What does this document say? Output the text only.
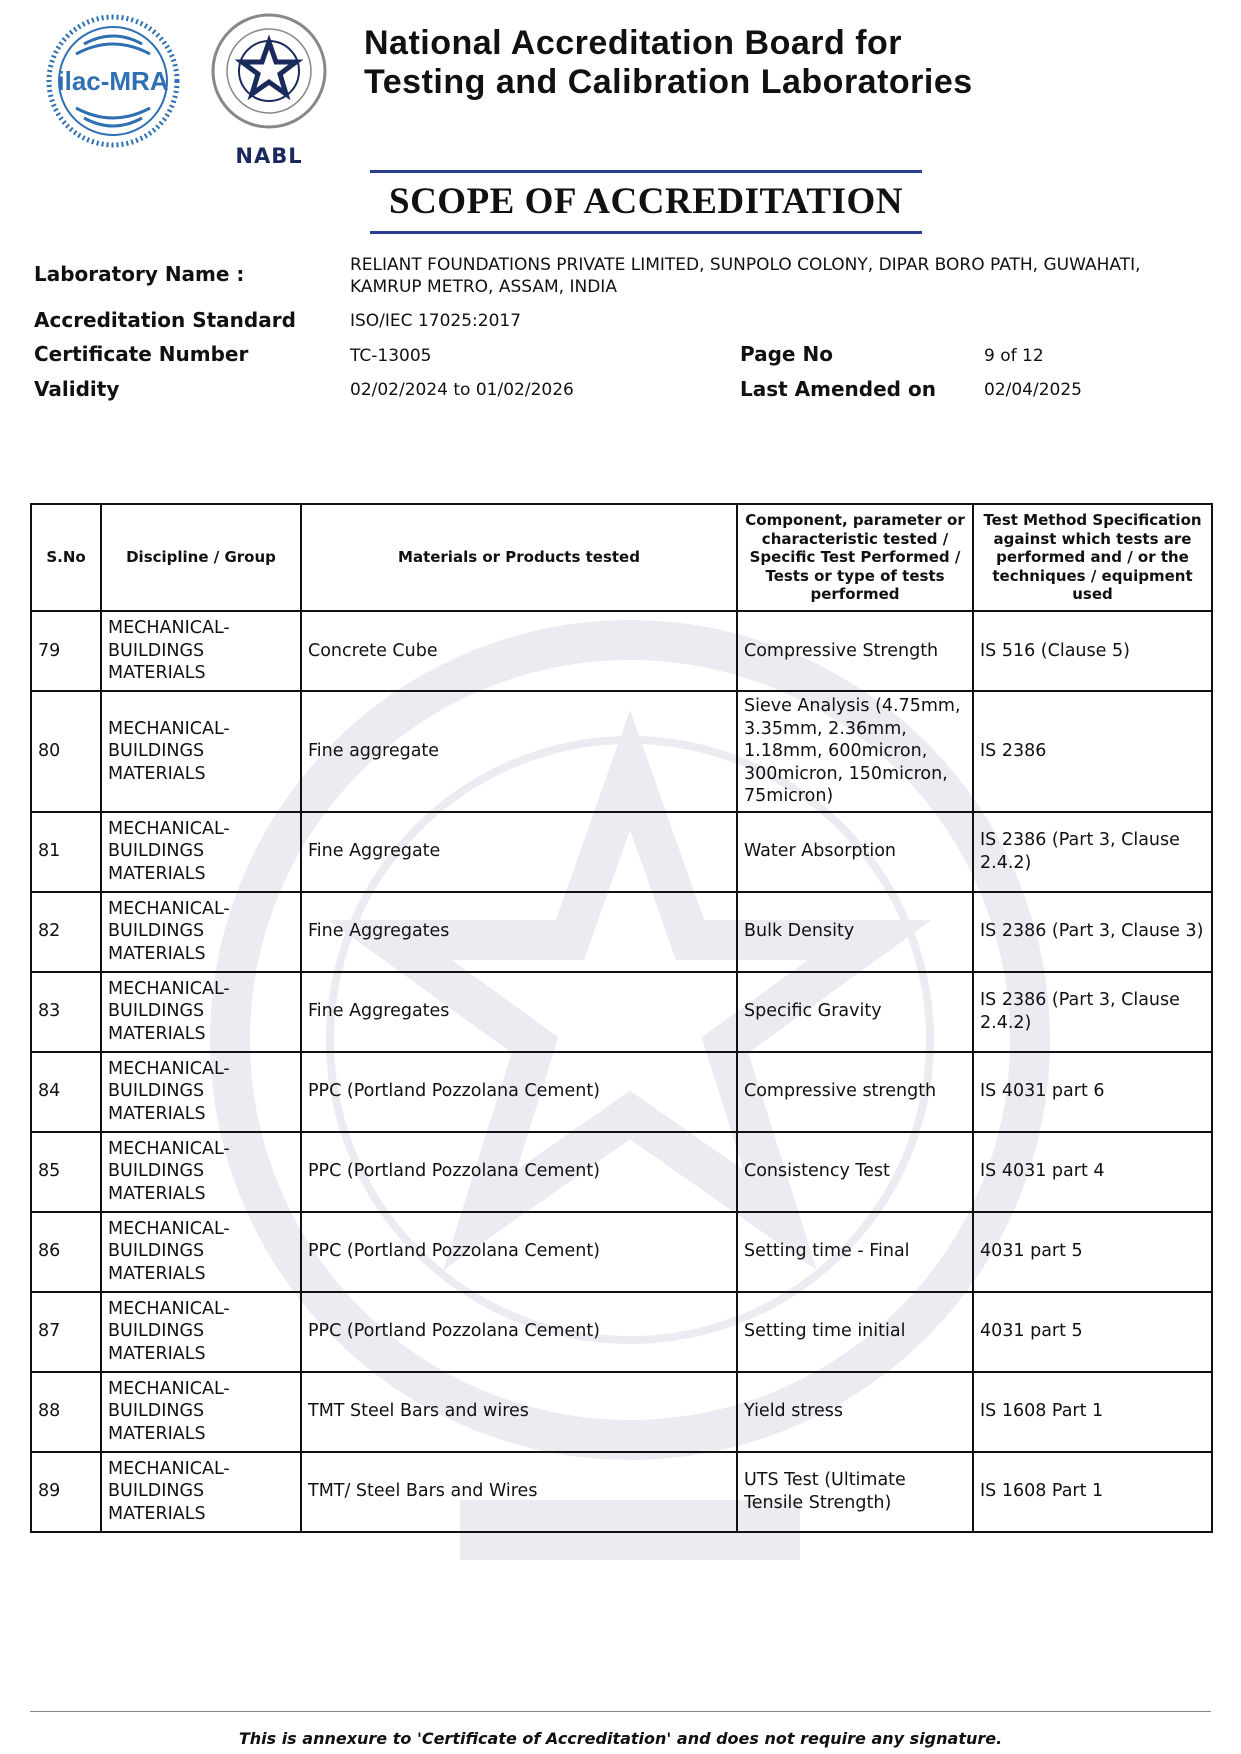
ilac-MRA
NABL
National Accreditation Board for
Testing and Calibration Laboratories
SCOPE OF ACCREDITATION
Laboratory Name :	RELIANT FOUNDATIONS PRIVATE LIMITED, SUNPOLO COLONY, DIPAR BORO PATH, GUWAHATI,
KAMRUP METRO, ASSAM, INDIA
Accreditation Standard	ISO/IEC 17025:2017
Certificate Number	TC-13005	Page No	9 of 12
Validity	02/02/2024 to 01/02/2026	Last Amended on	02/04/2025
S.No	Discipline / Group	Materials or Products tested	Component, parameter or characteristic tested / Specific Test Performed / Tests or type of tests performed	Test Method Specification against which tests are performed and / or the techniques / equipment used
79	MECHANICAL- BUILDINGS MATERIALS	Concrete Cube	Compressive Strength	IS 516 (Clause 5)
80	MECHANICAL- BUILDINGS MATERIALS	Fine aggregate	Sieve Analysis (4.75mm, 3.35mm, 2.36mm, 1.18mm, 600micron, 300micron, 150micron, 75micron)	IS 2386
81	MECHANICAL- BUILDINGS MATERIALS	Fine Aggregate	Water Absorption	IS 2386 (Part 3, Clause 2.4.2)
82	MECHANICAL- BUILDINGS MATERIALS	Fine Aggregates	Bulk Density	IS 2386 (Part 3, Clause 3)
83	MECHANICAL- BUILDINGS MATERIALS	Fine Aggregates	Specific Gravity	IS 2386 (Part 3, Clause 2.4.2)
84	MECHANICAL- BUILDINGS MATERIALS	PPC (Portland Pozzolana Cement)	Compressive strength	IS 4031 part 6
85	MECHANICAL- BUILDINGS MATERIALS	PPC (Portland Pozzolana Cement)	Consistency Test	IS 4031 part 4
86	MECHANICAL- BUILDINGS MATERIALS	PPC (Portland Pozzolana Cement)	Setting time - Final	4031 part 5
87	MECHANICAL- BUILDINGS MATERIALS	PPC (Portland Pozzolana Cement)	Setting time initial	4031 part 5
88	MECHANICAL- BUILDINGS MATERIALS	TMT Steel Bars and wires	Yield stress	IS 1608 Part 1
89	MECHANICAL- BUILDINGS MATERIALS	TMT/ Steel Bars and Wires	UTS Test (Ultimate Tensile Strength)	IS 1608 Part 1
This is annexure to 'Certificate of Accreditation' and does not require any signature.
